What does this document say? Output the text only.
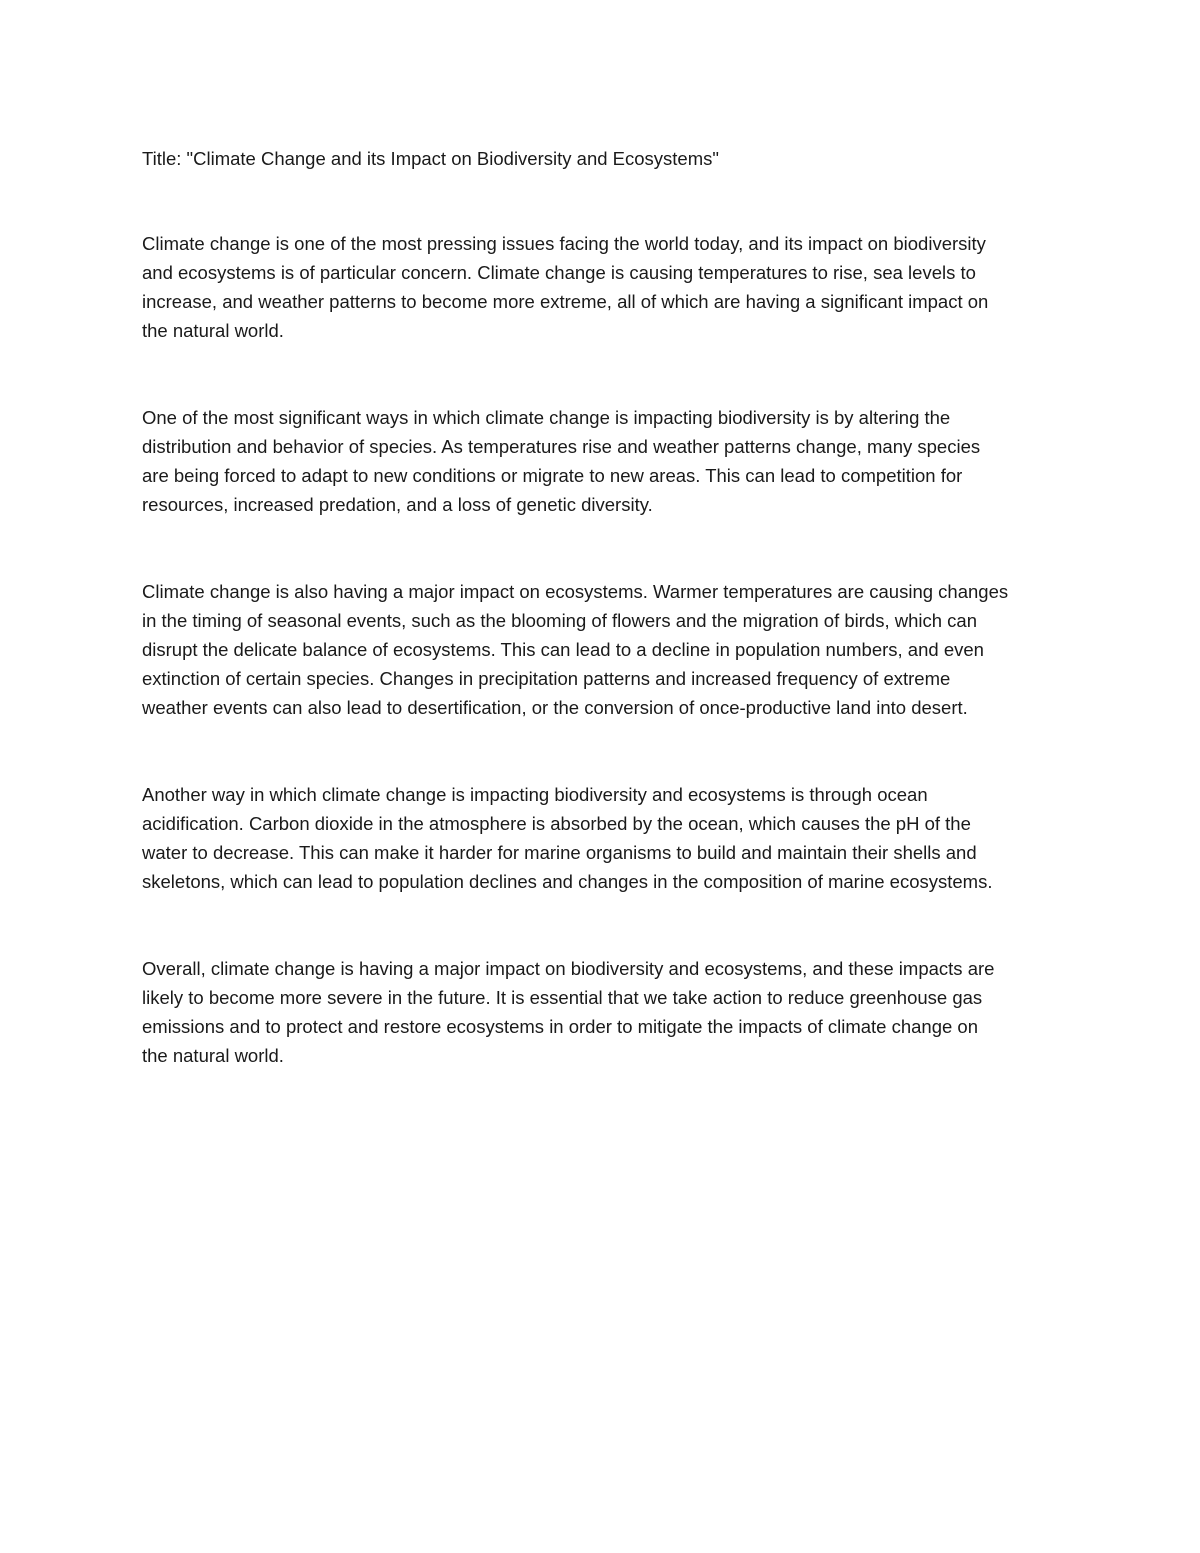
Title: "Climate Change and its Impact on Biodiversity and Ecosystems"

Climate change is one of the most pressing issues facing the world today, and its impact on biodiversity
and ecosystems is of particular concern. Climate change is causing temperatures to rise, sea levels to
increase, and weather patterns to become more extreme, all of which are having a significant impact on
the natural world.

One of the most significant ways in which climate change is impacting biodiversity is by altering the
distribution and behavior of species. As temperatures rise and weather patterns change, many species
are being forced to adapt to new conditions or migrate to new areas. This can lead to competition for
resources, increased predation, and a loss of genetic diversity.

Climate change is also having a major impact on ecosystems. Warmer temperatures are causing changes
in the timing of seasonal events, such as the blooming of flowers and the migration of birds, which can
disrupt the delicate balance of ecosystems. This can lead to a decline in population numbers, and even
extinction of certain species. Changes in precipitation patterns and increased frequency of extreme
weather events can also lead to desertification, or the conversion of once-productive land into desert.

Another way in which climate change is impacting biodiversity and ecosystems is through ocean
acidification. Carbon dioxide in the atmosphere is absorbed by the ocean, which causes the pH of the
water to decrease. This can make it harder for marine organisms to build and maintain their shells and
skeletons, which can lead to population declines and changes in the composition of marine ecosystems.

Overall, climate change is having a major impact on biodiversity and ecosystems, and these impacts are
likely to become more severe in the future. It is essential that we take action to reduce greenhouse gas
emissions and to protect and restore ecosystems in order to mitigate the impacts of climate change on
the natural world.
